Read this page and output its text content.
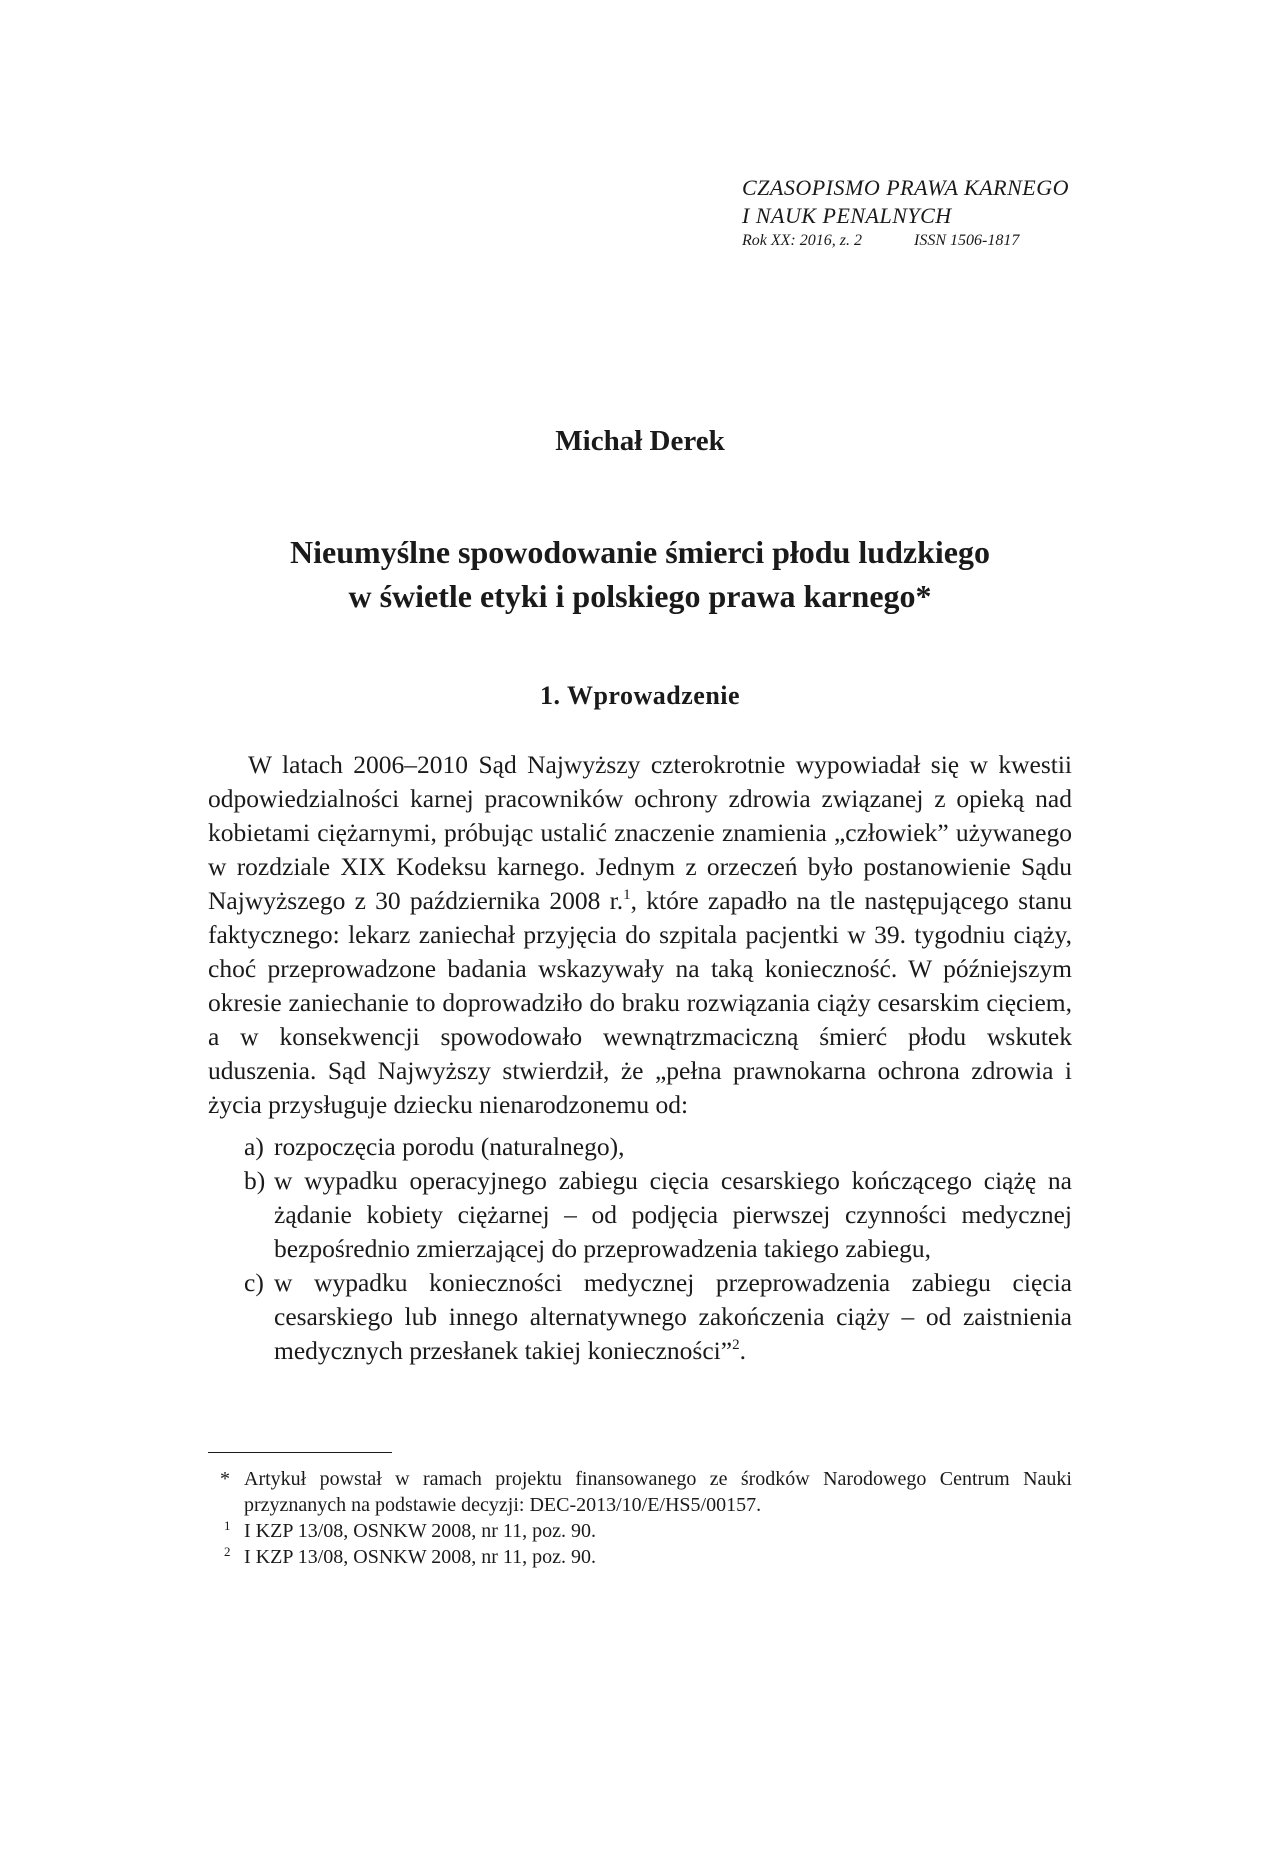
CZASOPISMO PRAWA KARNEGO
I NAUK PENALNYCH
Rok XX: 2016, z. 2	ISSN 1506-1817
Michał Derek
Nieumyślne spowodowanie śmierci płodu ludzkiego
w świetle etyki i polskiego prawa karnego*
1. Wprowadzenie

W latach 2006–2010 Sąd Najwyższy czterokrotnie wypowiadał się w kwestii odpowiedzialności karnej pracowników ochrony zdrowia związanej z opieką nad kobietami ciężarnymi, próbując ustalić znaczenie znamienia „człowiek” używanego w rozdziale XIX Kodeksu karnego. Jednym z orzeczeń było postanowienie Sądu Najwyższego z 30 października 2008 r.$^1$, które zapadło na tle następującego stanu faktycznego: lekarz zaniechał przyjęcia do szpitala pacjentki w 39. tygodniu ciąży, choć przeprowadzone badania wskazywały na taką konieczność. W późniejszym okresie zaniechanie to doprowadziło do braku rozwiązania ciąży cesarskim cięciem, a w konsekwencji spowodowało wewnątrzmaciczną śmierć płodu wskutek uduszenia. Sąd Najwyższy stwierdził, że „pełna prawnokarna ochrona zdrowia i życia przysługuje dziecku nienarodzonemu od:

a) rozpoczęcia porodu (naturalnego),
b) w wypadku operacyjnego zabiegu cięcia cesarskiego kończącego ciążę na żądanie kobiety ciężarnej – od podjęcia pierwszej czynności medycznej bezpośrednio zmierzającej do przeprowadzenia takiego zabiegu,
c) w wypadku konieczności medycznej przeprowadzenia zabiegu cięcia cesarskiego lub innego alternatywnego zakończenia ciąży – od zaistnienia medycznych przesłanek takiej konieczności”$^2$.
* Artykuł powstał w ramach projektu finansowanego ze środków Narodowego Centrum Nauki przyznanych na podstawie decyzji: DEC-2013/10/E/HS5/00157.
1 I KZP 13/08, OSNKW 2008, nr 11, poz. 90.
2 I KZP 13/08, OSNKW 2008, nr 11, poz. 90.
